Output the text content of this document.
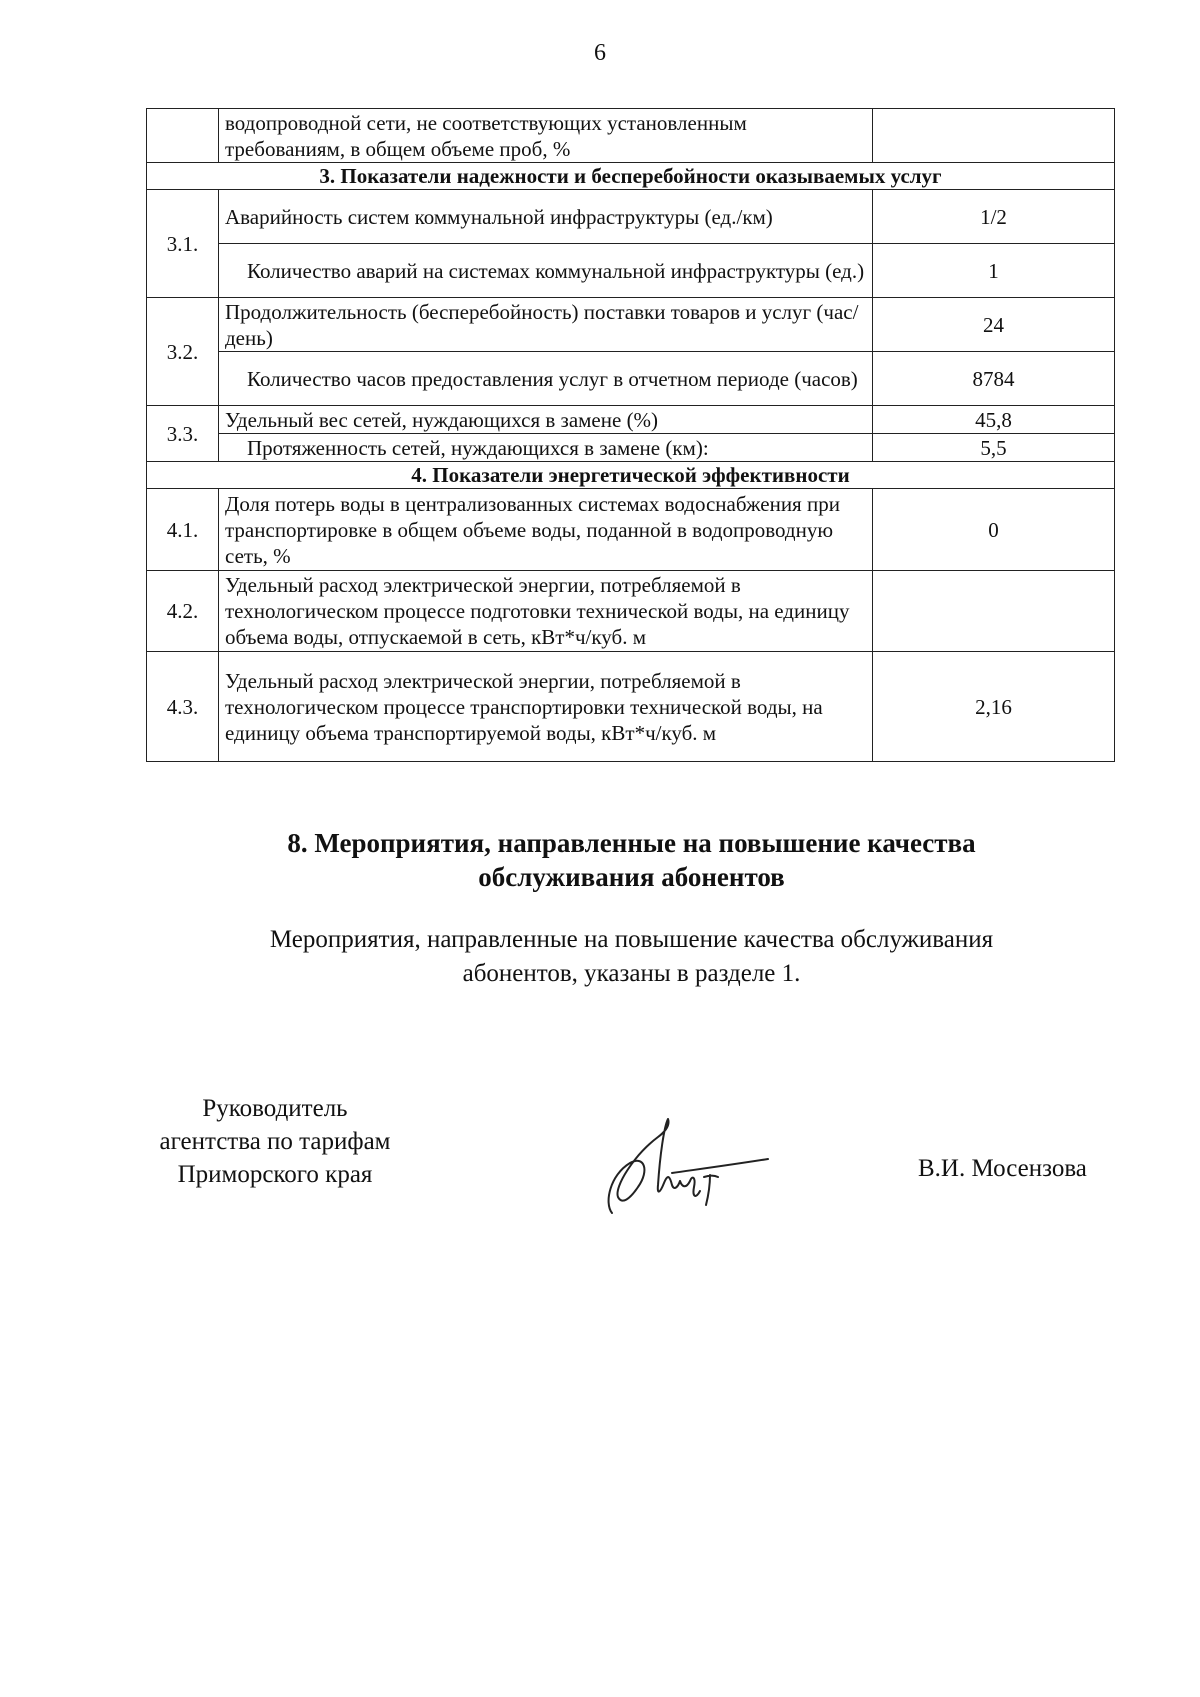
6
	водопроводной сети, не соответствующих установленным требованиям, в общем объеме проб, %	
3. Показатели надежности и бесперебойности оказываемых услуг		
3.1.	Аварийность систем коммунальной инфраструктуры (ед./км)	1/2
	Количество аварий на системах коммунальной инфраструктуры (ед.)	1
3.2.	Продолжительность (бесперебойность) поставки товаров и услуг (час/день)	24
	Количество часов предоставления услуг в отчетном периоде (часов)	8784
3.3.	Удельный вес сетей, нуждающихся в замене (%)	45,8
	Протяженность сетей, нуждающихся в замене (км):	5,5
4. Показатели энергетической эффективности		
4.1.	Доля потерь воды в централизованных системах водоснабжения при транспортировке в общем объеме воды, поданной в водопроводную сеть, %	0
4.2.	Удельный расход электрической энергии, потребляемой в технологическом процессе подготовки технической воды, на единицу объема воды, отпускаемой в сеть, кВт*ч/куб. м	
4.3.	Удельный расход электрической энергии, потребляемой в технологическом процессе транспортировки технической воды, на единицу объема транспортируемой воды, кВт*ч/куб. м	2,16
8. Мероприятия, направленные на повышение качества
обслуживания абонентов
Мероприятия, направленные на повышение качества обслуживания
абонентов, указаны в разделе 1.
Руководитель
агентства по тарифам
Приморского края	В.И. Мосензова
